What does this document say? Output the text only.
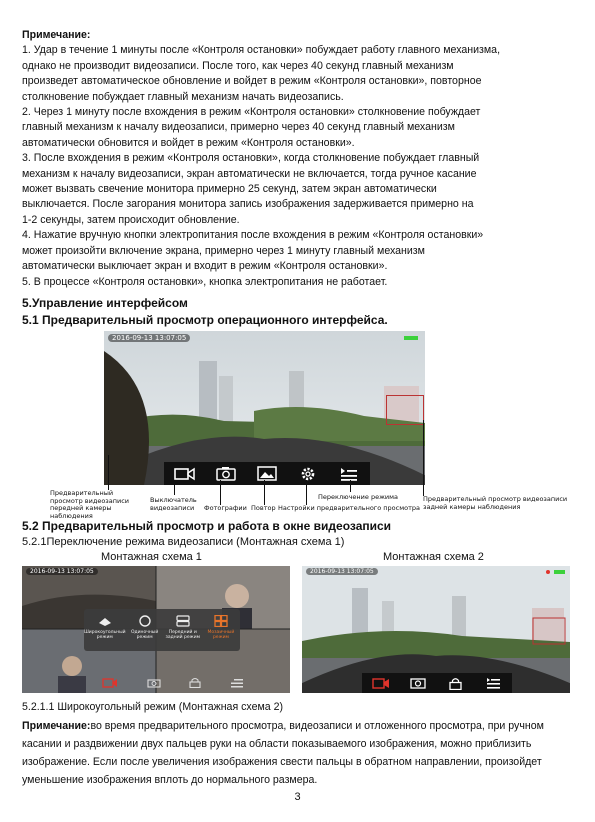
Примечание:
1. Удар в течение 1 минуты после «Контроля остановки» побуждает работу главного механизма,
однако не производит видеозаписи. После того, как через 40 секунд главный механизм
произведет автоматическое обновление и войдет в режим «Контроля остановки», повторное
столкновение побуждает главный механизм начать видеозапись.
2. Через 1 минуту после вхождения в режим «Контроля остановки» столкновение побуждает
главный механизм к началу видеозаписи, примерно через 40 секунд главный механизм
автоматически обновится и войдет в режим «Контроля остановки».
3. После вхождения в режим «Контроля остановки», когда столкновение побуждает главный
механизм к началу видеозаписи, экран автоматически не включается, тогда ручное касание
может вызвать свечение монитора примерно 25 секунд, затем экран автоматически
выключается. После загорания монитора запись изображения задерживается примерно на
1-2 секунды, затем происходит обновление.
4. Нажатие вручную кнопки электропитания после вхождения в режим «Контроля остановки»
может произойти включение экрана, примерно через 1 минуту главный механизм
автоматически выключает экран и входит в режим «Контроля остановки».
5. В процессе «Контроля остановки», кнопка электропитания не работает.
5.Управление интерфейсом
5.1 Предварительный просмотр операционного интерфейса.
2016-09-13 13:07:05
Предварительный просмотр видеозаписи передней камеры наблюдения
Выключатель видеозаписи	Фотографии Повтор Настройки предварительного просмотра
Переключение режима	Предварительный просмотр видеозаписи задней камеры наблюдения
5.2 Предварительный просмотр и работа в окне видеозаписи
5.2.1Переключение режима видеозаписи (Монтажная схема 1)
Монтажная схема 1	Монтажная схема 2
2016-09-13 13:07:05
Широкоугольный режим
Одиночный режим
Передний и задний режим
Мозаичный режим
2016-09-13 13:07:05
5.2.1.1 Широкоугольный режим (Монтажная схема 2)
Примечание:во время предварительного просмотра, видеозаписи и отложенного просмотра, при ручном касании и раздвижении двух пальцев руки на области показываемого изображения, можно приблизить изображение. Если после увеличения изображения свести пальцы в обратном направлении, произойдет уменьшение изображения вплоть до нормального размера.
3
